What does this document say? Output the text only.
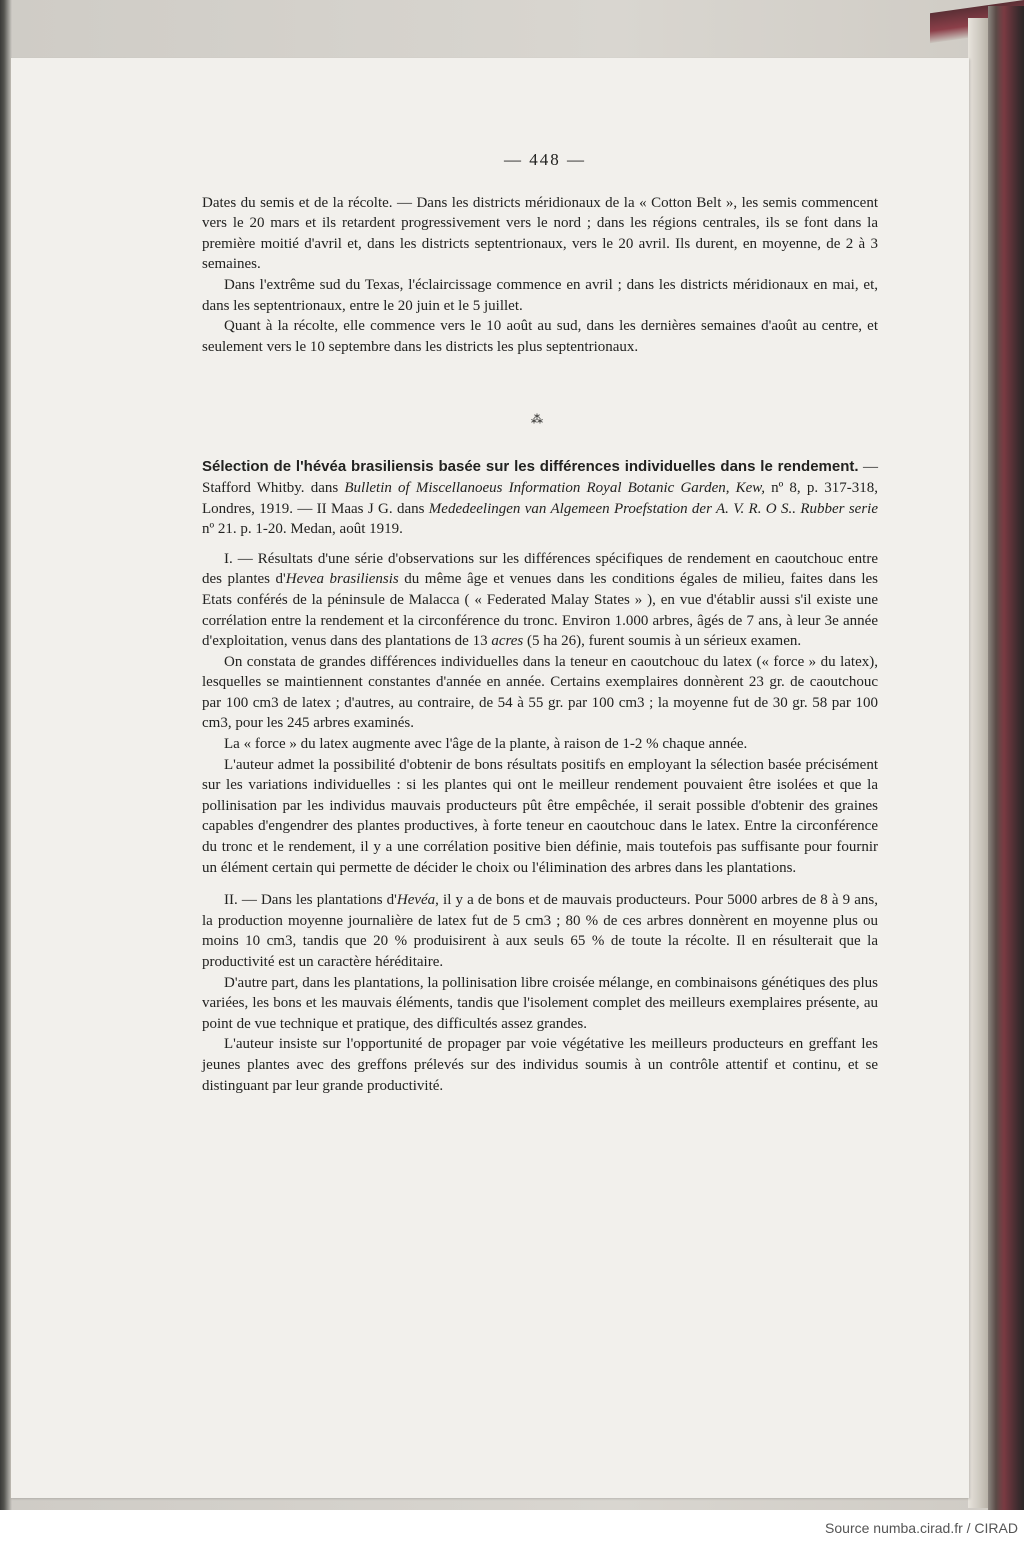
— 448 —

Dates du semis et de la récolte. — Dans les districts méridionaux de la « Cotton Belt », les semis commencent vers le 20 mars et ils retardent progressivement vers le nord ; dans les régions centrales, ils se font dans la première moitié d'avril et, dans les districts septentrionaux, vers le 20 avril. Ils durent, en moyenne, de 2 à 3 semaines.

Dans l'extrême sud du Texas, l'éclaircissage commence en avril ; dans les districts méridionaux en mai, et, dans les septentrionaux, entre le 20 juin et le 5 juillet.

Quant à la récolte, elle commence vers le 10 août au sud, dans les dernières semaines d'août au centre, et seulement vers le 10 septembre dans les districts les plus septentrionaux.

⁂

Sélection de l'hévéa brasiliensis basée sur les différences individuelles dans le rendement. — Stafford Whitby. dans Bulletin of Miscellanoeus Information Royal Botanic Garden, Kew, nº 8, p. 317-318, Londres, 1919. — II Maas J G. dans Mededeelingen van Algemeen Proefstation der A. V. R. O S.. Rubber serie nº 21. p. 1-20. Medan, août 1919.

I. — Résultats d'une série d'observations sur les différences spécifiques de rendement en caoutchouc entre des plantes d'Hevea brasiliensis du même âge et venues dans les conditions égales de milieu, faites dans les Etats conférés de la péninsule de Malacca ( « Federated Malay States » ), en vue d'établir aussi s'il existe une corrélation entre la rendement et la circonférence du tronc. Environ 1.000 arbres, âgés de 7 ans, à leur 3e année d'exploitation, venus dans des plantations de 13 acres (5 ha 26), furent soumis à un sérieux examen.

On constata de grandes différences individuelles dans la teneur en caoutchouc du latex (« force » du latex), lesquelles se maintiennent constantes d'année en année. Certains exemplaires donnèrent 23 gr. de caoutchouc par 100 cm3 de latex ; d'autres, au contraire, de 54 à 55 gr. par 100 cm3 ; la moyenne fut de 30 gr. 58 par 100 cm3, pour les 245 arbres examinés.

La « force » du latex augmente avec l'âge de la plante, à raison de 1-2 % chaque année.

L'auteur admet la possibilité d'obtenir de bons résultats positifs en employant la sélection basée précisément sur les variations individuelles : si les plantes qui ont le meilleur rendement pouvaient être isolées et que la pollinisation par les individus mauvais producteurs pût être empêchée, il serait possible d'obtenir des graines capables d'engendrer des plantes productives, à forte teneur en caoutchouc dans le latex. Entre la circonférence du tronc et le rendement, il y a une corrélation positive bien définie, mais toutefois pas suffisante pour fournir un élément certain qui permette de décider le choix ou l'élimination des arbres dans les plantations.

II. — Dans les plantations d'Hevéa, il y a de bons et de mauvais producteurs. Pour 5000 arbres de 8 à 9 ans, la production moyenne journalière de latex fut de 5 cm3 ; 80 % de ces arbres donnèrent en moyenne plus ou moins 10 cm3, tandis que 20 % produisirent à aux seuls 65 % de toute la récolte. Il en résulterait que la productivité est un caractère héréditaire.

D'autre part, dans les plantations, la pollinisation libre croisée mélange, en combinaisons génétiques des plus variées, les bons et les mauvais éléments, tandis que l'isolement complet des meilleurs exemplaires présente, au point de vue technique et pratique, des difficultés assez grandes.

L'auteur insiste sur l'opportunité de propager par voie végétative les meilleurs producteurs en greffant les jeunes plantes avec des greffons prélevés sur des individus soumis à un contrôle attentif et continu, et se distinguant par leur grande productivité.

Source numba.cirad.fr / CIRAD
